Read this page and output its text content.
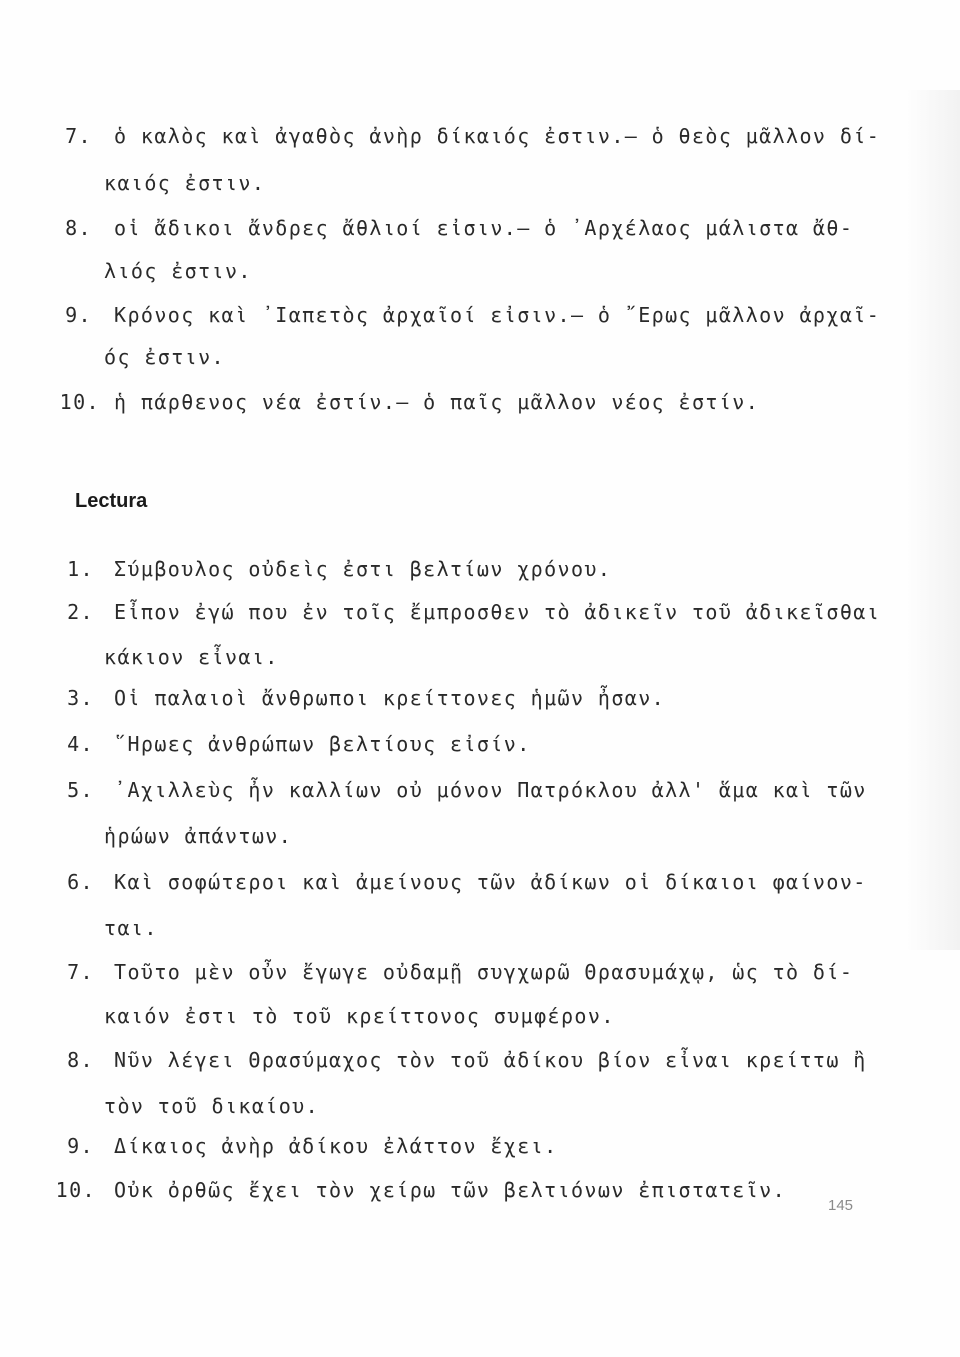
7. ὁ καλὸς καὶ ἀγαθὸς ἀνὴρ δίκαιός ἐστιν.– ὁ θεὸς μᾶλλον δί-
καιός ἐστιν.
8. οἱ ἄδικοι ἄνδρες ἄθλιοί εἰσιν.– ὁ ᾿Αρχέλαος μάλιστα ἄθ-
λιός ἐστιν.
9. Κρόνος καὶ ᾿Ιαπετὸς ἀρχαῖοί εἰσιν.– ὁ ῎Ερως μᾶλλον ἀρχαῖ-
ός ἐστιν.
10. ἡ πάρθενος νέα ἐστίν.– ὁ παῖς μᾶλλον νέος ἐστίν.
Lectura
1. Σύμβουλος οὐδεὶς ἐστι βελτίων χρόνου.
2. Εἶπον ἐγώ που ἐν τοῖς ἔμπροσθεν τὸ ἀδικεῖν τοῦ ἀδικεῖσθαι
κάκιον εἶναι.
3. Οἱ παλαιοὶ ἄνθρωποι κρείττονες ἡμῶν ἦσαν.
4. ῞Ηρωες ἀνθρώπων βελτίους εἰσίν.
5. ᾿Αχιλλεὺς ἦν καλλίων οὐ μόνον Πατρόκλου ἀλλ' ἅμα καὶ τῶν
ἡρώων ἀπάντων.
6. Καὶ σοφώτεροι καὶ ἀμείνους τῶν ἀδίκων οἱ δίκαιοι φαίνον-
ται.
7. Τοῦτο μὲν οὖν ἔγωγε οὐδαμῇ συγχωρῶ Θρασυμάχῳ, ὡς τὸ δί-
καιόν ἐστι τὸ τοῦ κρείττονος συμφέρον.
8. Νῦν λέγει Θρασύμαχος τὸν τοῦ ἀδίκου βίον εἶναι κρείττω ἢ
τὸν τοῦ δικαίου.
9. Δίκαιος ἀνὴρ ἀδίκου ἐλάττον ἔχει.
10. Οὐκ ὀρθῶς ἔχει τὸν χείρω τῶν βελτιόνων ἐπιστατεῖν.
145
